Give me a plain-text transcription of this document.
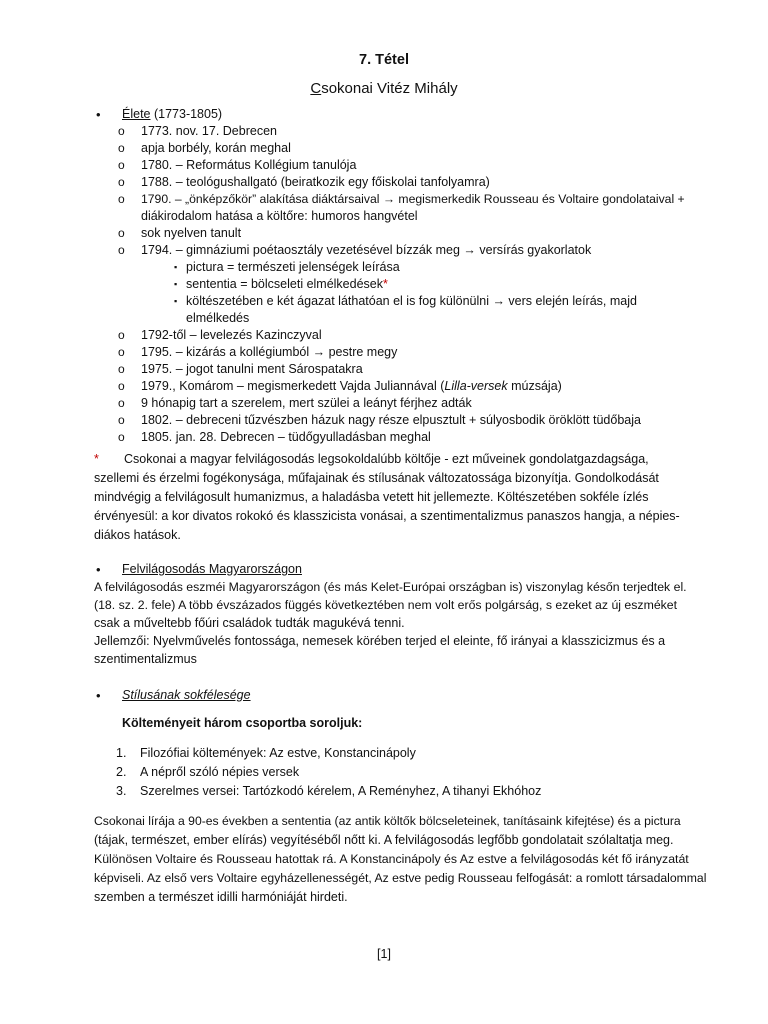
7. Tétel
Csokonai Vitéz Mihály
• Élete (1773-1805)
o 1773. nov. 17. Debrecen
o apja borbély, korán meghal
o 1780. – Református Kollégium tanulója
o 1788. – teológushallgató (beiratkozik egy főiskolai tanfolyamra)
o 1790. – „önképzőkör” alakítása diáktársaival → megismerkedik Rousseau és Voltaire gondolataival +
diákirodalom hatása a költőre: humoros hangvétel
o sok nyelven tanult
o 1794. – gimnáziumi poétaosztály vezetésével bízzák meg → versírás gyakorlatok
▪ pictura = természeti jelenségek leírása
▪ sententia = bölcseleti elmélkedések*
▪ költészetében e két ágazat láthatóan el is fog különülni → vers elején leírás, majd
elmélkedés
o 1792-től – levelezés Kazinczyval
o 1795. – kizárás a kollégiumból → pestre megy
o 1975. – jogot tanulni ment Sárospatakra
o 1979., Komárom – megismerkedett Vajda Juliannával (Lilla-versek múzsája)
o 9 hónapig tart a szerelem, mert szülei a leányt férjhez adták
o 1802. – debreceni tűzvészben házuk nagy része elpusztult + súlyosbodik öröklött tüdőbaja
o 1805. jan. 28. Debrecen – tüdőgyulladásban meghal
* Csokonai a magyar felvilágosodás legsokoldalúbb költője - ezt műveinek gondolatgazdagsága,
szellemi és érzelmi fogékonysága, műfajainak és stílusának változatossága bizonyítja. Gondolkodását
mindvégig a felvilágosult humanizmus, a haladásba vetett hit jellemezte. Költészetében sokféle ízlés
érvényesül: a kor divatos rokokó és klasszicista vonásai, a szentimentalizmus panaszos hangja, a népies-
diákos hatások.
• Felvilágosodás Magyarországon
A felvilágosodás eszméi Magyarországon (és más Kelet-Európai országban is) viszonylag későn terjedtek el.
(18. sz. 2. fele) A több évszázados függés következtében nem volt erős polgárság, s ezeket az új eszméket
csak a műveltebb főúri családok tudták magukévá tenni.
Jellemzői: Nyelvművelés fontossága, nemesek körében terjed el eleinte, fő irányai a klasszicizmus és a
szentimentalizmus
• Stílusának sokfélesége
Költeményeit három csoportba soroljuk:
1. Filozófiai költemények: Az estve, Konstancinápoly
2. A népről szóló népies versek
3. Szerelmes versei: Tartózkodó kérelem, A Reményhez, A tihanyi Ekhóhoz
Csokonai lírája a 90-es években a sententia (az antik költők bölcseleteinek, tanításaink kifejtése) és a pictura
(tájak, természet, ember elírás) vegyítéséből nőtt ki. A felvilágosodás legfőbb gondolatait szólaltatja meg.
Különösen Voltaire és Rousseau hatottak rá. A Konstancinápoly és Az estve a felvilágosodás két fő irányzatát
képviseli. Az első vers Voltaire egyházellenességét, Az estve pedig Rousseau felfogását: a romlott társadalommal
szemben a természet idilli harmóniáját hirdeti.
[1]
